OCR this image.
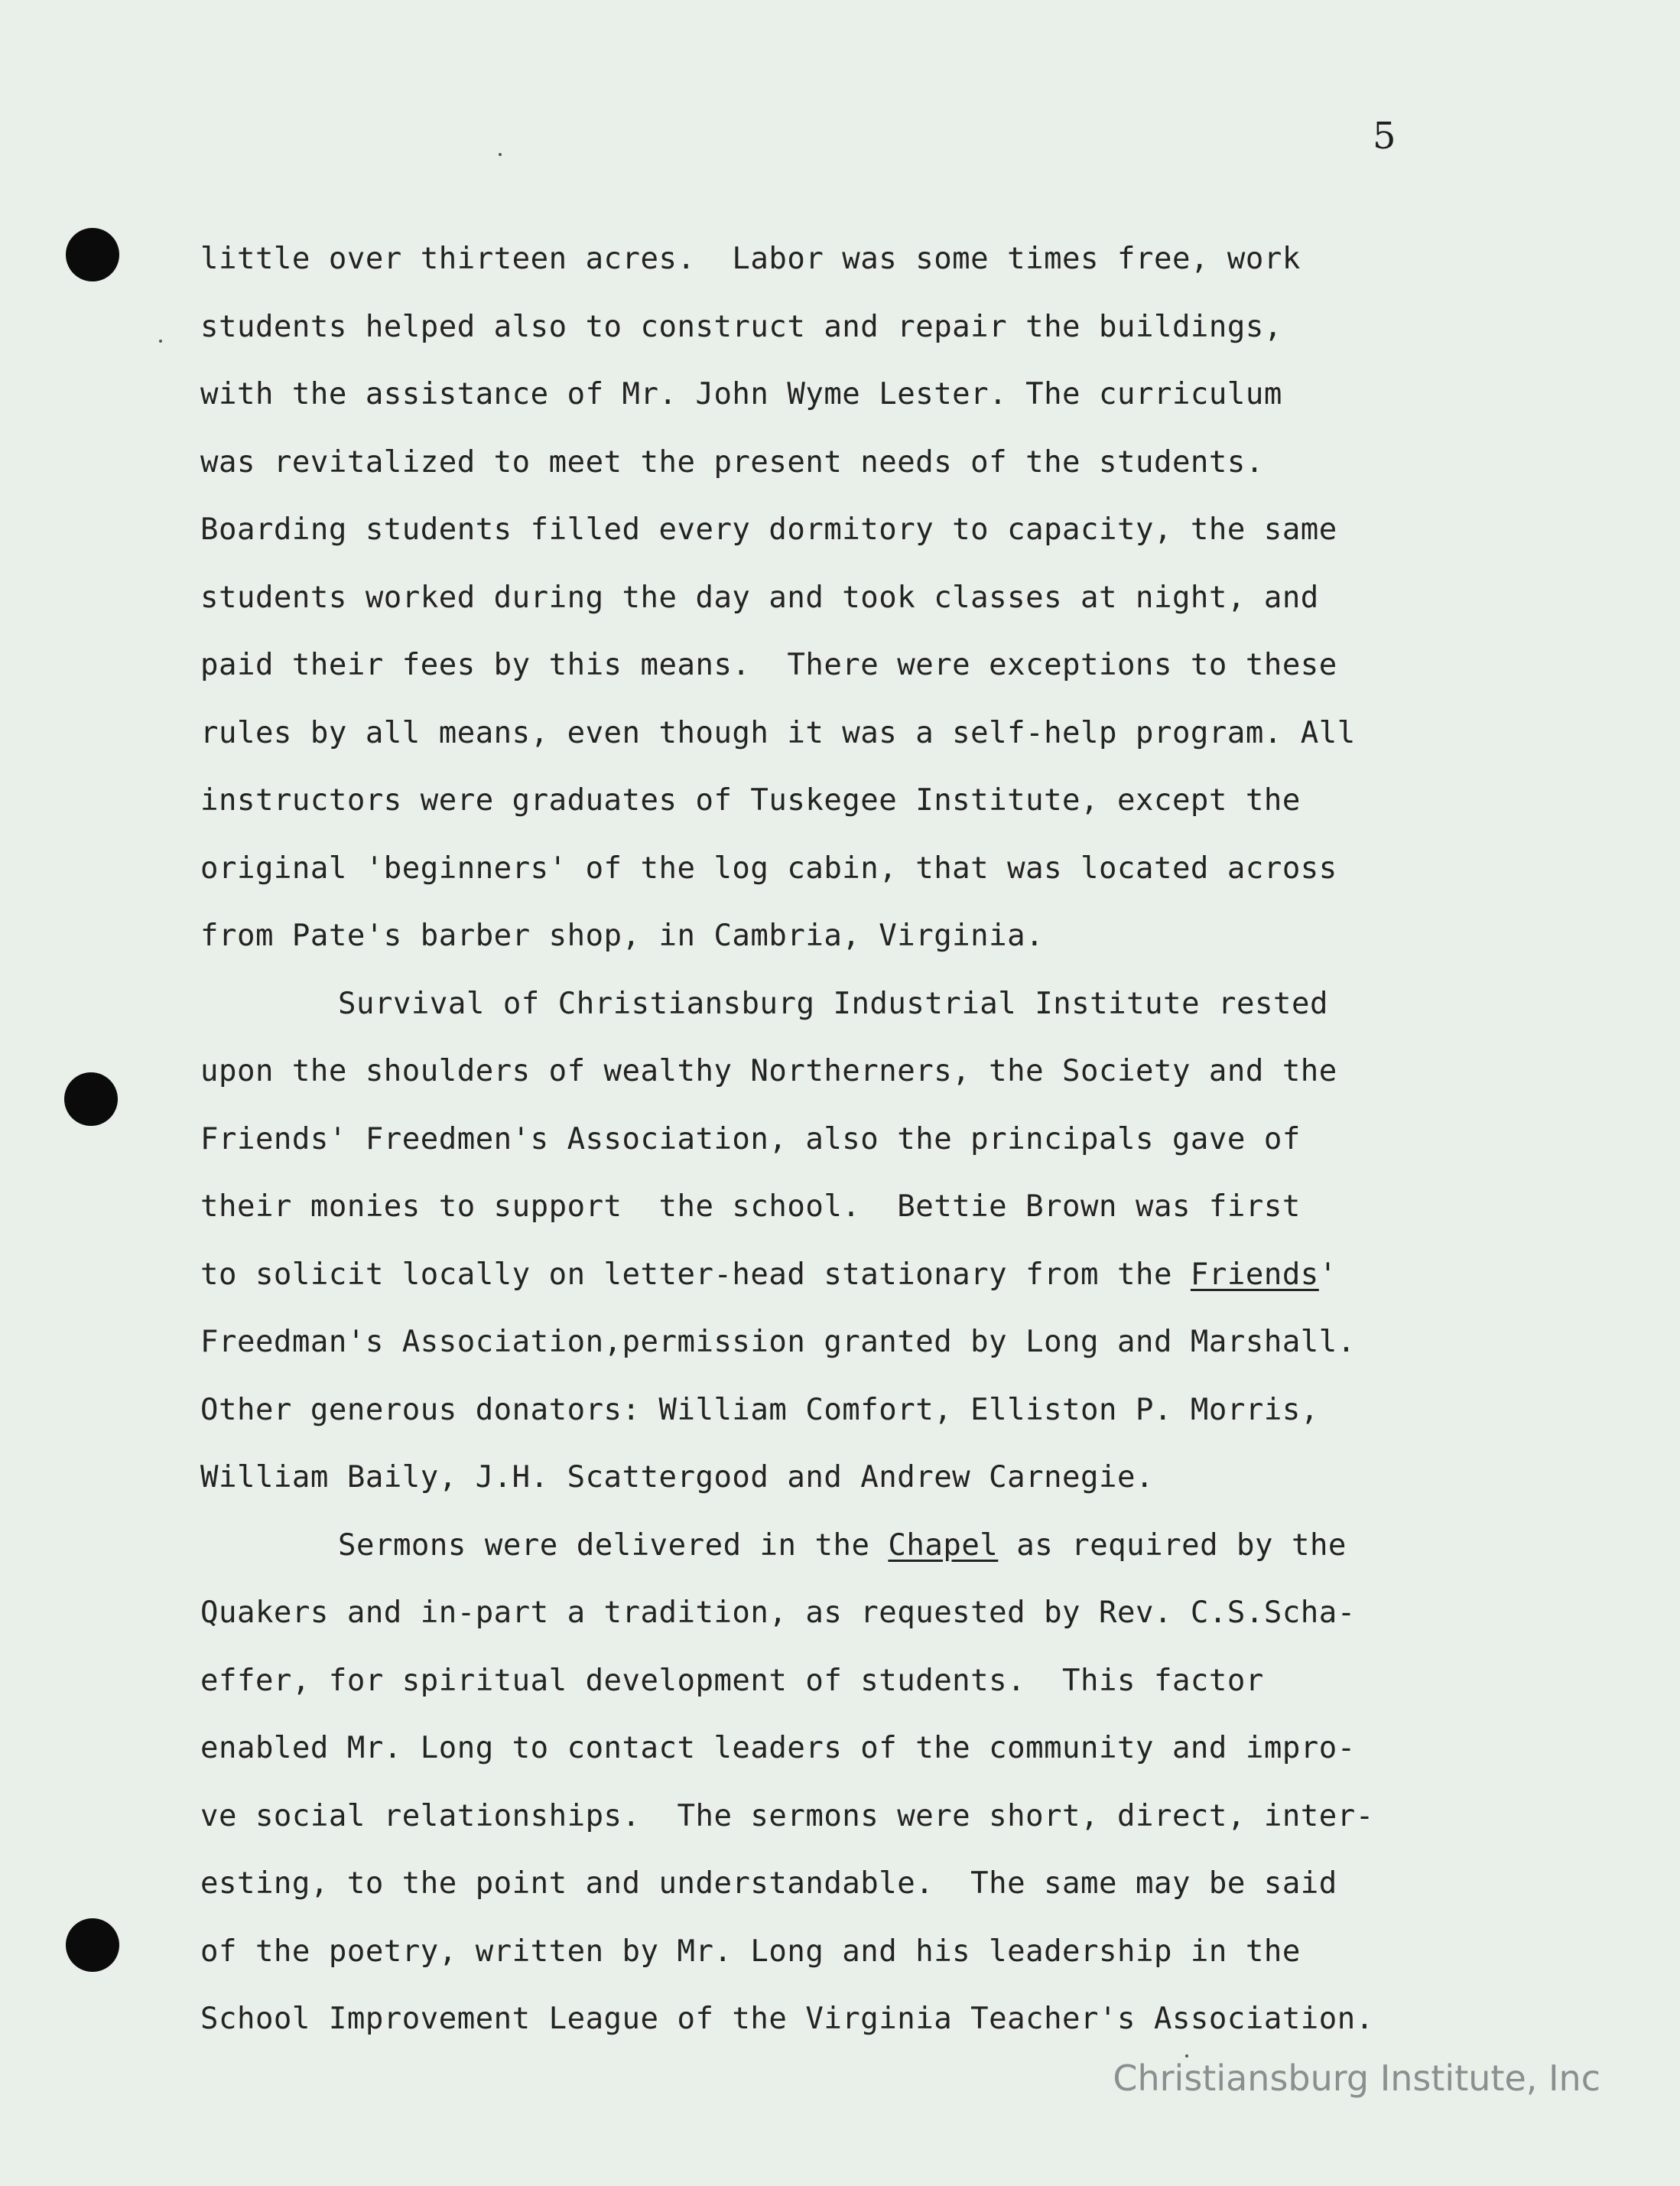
5
little over thirteen acres.  Labor was some times free, work
students helped also to construct and repair the buildings,
with the assistance of Mr. John Wyme Lester. The curriculum
was revitalized to meet the present needs of the students.
Boarding students filled every dormitory to capacity, the same
students worked during the day and took classes at night, and
paid their fees by this means.  There were exceptions to these
rules by all means, even though it was a self-help program. All
instructors were graduates of Tuskegee Institute, except the
original 'beginners' of the log cabin, that was located across
from Pate's barber shop, in Cambria, Virginia.
Survival of Christiansburg Industrial Institute rested
upon the shoulders of wealthy Northerners, the Society and the
Friends' Freedmen's Association, also the principals gave of
their monies to support  the school.  Bettie Brown was first
to solicit locally on letter-head stationary from the Friends'
Freedman's Association,permission granted by Long and Marshall.
Other generous donators: William Comfort, Elliston P. Morris,
William Baily, J.H. Scattergood and Andrew Carnegie.
Sermons were delivered in the Chapel as required by the
Quakers and in-part a tradition, as requested by Rev. C.S.Scha-
effer, for spiritual development of students.  This factor
enabled Mr. Long to contact leaders of the community and impro-
ve social relationships.  The sermons were short, direct, inter-
esting, to the point and understandable.  The same may be said
of the poetry, written by Mr. Long and his leadership in the
School Improvement League of the Virginia Teacher's Association.
Christiansburg Institute, Inc
